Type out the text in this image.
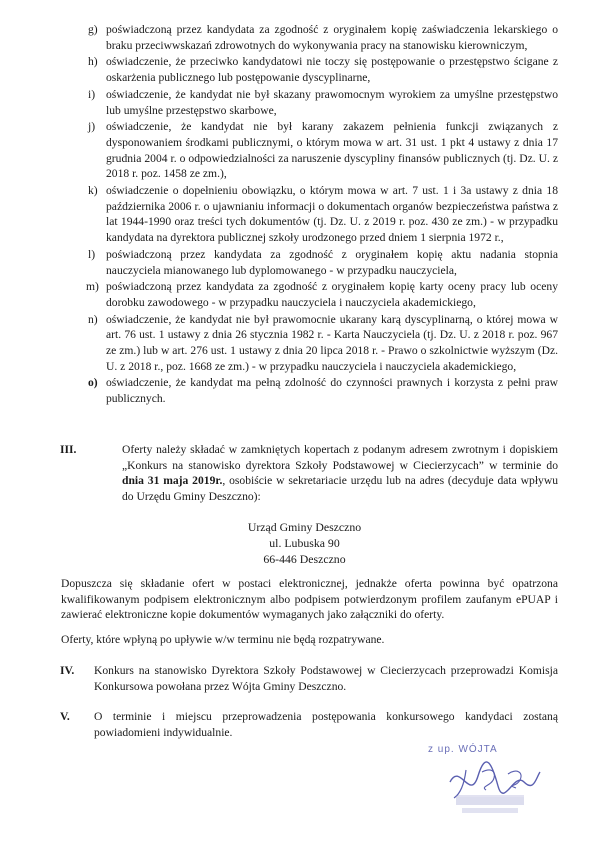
g) poświadczoną przez kandydata za zgodność z oryginałem kopię zaświadczenia lekarskiego o braku przeciwwskazań zdrowotnych do wykonywania pracy na stanowisku kierowniczym,
h) oświadczenie, że przeciwko kandydatowi nie toczy się postępowanie o przestępstwo ścigane z oskarżenia publicznego lub postępowanie dyscyplinarne,
i) oświadczenie, że kandydat nie był skazany prawomocnym wyrokiem za umyślne przestępstwo lub umyślne przestępstwo skarbowe,
j) oświadczenie, że kandydat nie był karany zakazem pełnienia funkcji związanych z dysponowaniem środkami publicznymi, o którym mowa w art. 31 ust. 1 pkt 4 ustawy z dnia 17 grudnia 2004 r. o odpowiedzialności za naruszenie dyscypliny finansów publicznych (tj. Dz. U. z 2018 r. poz. 1458 ze zm.),
k) oświadczenie o dopełnieniu obowiązku, o którym mowa w art. 7 ust. 1 i 3a ustawy z dnia 18 października 2006 r. o ujawnianiu informacji o dokumentach organów bezpieczeństwa państwa z lat 1944-1990 oraz treści tych dokumentów (tj. Dz. U. z 2019 r. poz. 430 ze zm.) - w przypadku kandydata na dyrektora publicznej szkoły urodzonego przed dniem 1 sierpnia 1972 r.,
l) poświadczoną przez kandydata za zgodność z oryginałem kopię aktu nadania stopnia nauczyciela mianowanego lub dyplomowanego - w przypadku nauczyciela,
m) poświadczoną przez kandydata za zgodność z oryginałem kopię karty oceny pracy lub oceny dorobku zawodowego - w przypadku nauczyciela i nauczyciela akademickiego,
n) oświadczenie, że kandydat nie był prawomocnie ukarany karą dyscyplinarną, o której mowa w art. 76 ust. 1 ustawy z dnia 26 stycznia 1982 r. - Karta Nauczyciela (tj. Dz. U. z 2018 r. poz. 967 ze zm.) lub w art. 276 ust. 1 ustawy z dnia 20 lipca 2018 r. - Prawo o szkolnictwie wyższym (Dz. U. z 2018 r., poz. 1668 ze zm.) - w przypadku nauczyciela i nauczyciela akademickiego,
o) oświadczenie, że kandydat ma pełną zdolność do czynności prawnych i korzysta z pełni praw publicznych.
III.	Oferty należy składać w zamkniętych kopertach z podanym adresem zwrotnym i dopiskiem „Konkurs na stanowisko dyrektora Szkoły Podstawowej w Ciecierzycach” w terminie do dnia 31 maja 2019r., osobiście w sekretariacie urzędu lub na adres (decyduje data wpływu do Urzędu Gminy Deszczno):
Urząd Gminy Deszczno
ul. Lubuska 90
66-446 Deszczno
Dopuszcza się składanie ofert w postaci elektronicznej, jednakże oferta powinna być opatrzona kwalifikowanym podpisem elektronicznym albo podpisem potwierdzonym profilem zaufanym ePUAP i zawierać elektroniczne kopie dokumentów wymaganych jako załączniki do oferty.
Oferty, które wpłyną po upływie w/w terminu nie będą rozpatrywane.
IV.	Konkurs na stanowisko Dyrektora Szkoły Podstawowej w Ciecierzycach przeprowadzi Komisja Konkursowa powołana przez Wójta Gminy Deszczno.
V.	O terminie i miejscu przeprowadzenia postępowania konkursowego kandydaci zostaną powiadomieni indywidualnie.
z up. WÓJTA
